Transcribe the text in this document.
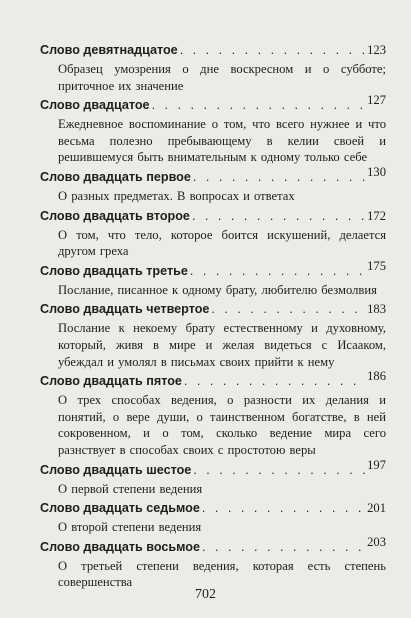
Слово девятнадцатое . . .	123

Образец умозрения о дне воскресном и о субботе; приточное их значение

Слово двадцатое . . .	127

Ежедневное воспоминание о том, что всего нужнее и что весьма полезно пребывающему в келии своей и решившемуся быть внимательным к одному только себе

Слово двадцать первое . . .	130

О разных предметах. В вопросах и ответах

Слово двадцать второе . . .	172

О том, что тело, которое боится искушений, делается другом греха

Слово двадцать третье . . .	175

Послание, писанное к одному брату, любителю безмолвия

Слово двадцать четвертое . . .	183

Послание к некоему брату естественному и духовному, который, живя в мире и желая видеться с Исааком, убеждал и умолял в письмах своих прийти к нему

Слово двадцать пятое . . .	186

О трех способах ведения, о разности их делания и понятий, о вере души, о таинственном богатстве, в ней сокровенном, и о том, сколько ведение мира сего разнствует в способах своих с простотою веры

Слово двадцать шестое . . .	197

О первой степени ведения

Слово двадцать седьмое . . .	201

О второй степени ведения

Слово двадцать восьмое . . .	203

О третьей степени ведения, которая есть степень совершенства

702
